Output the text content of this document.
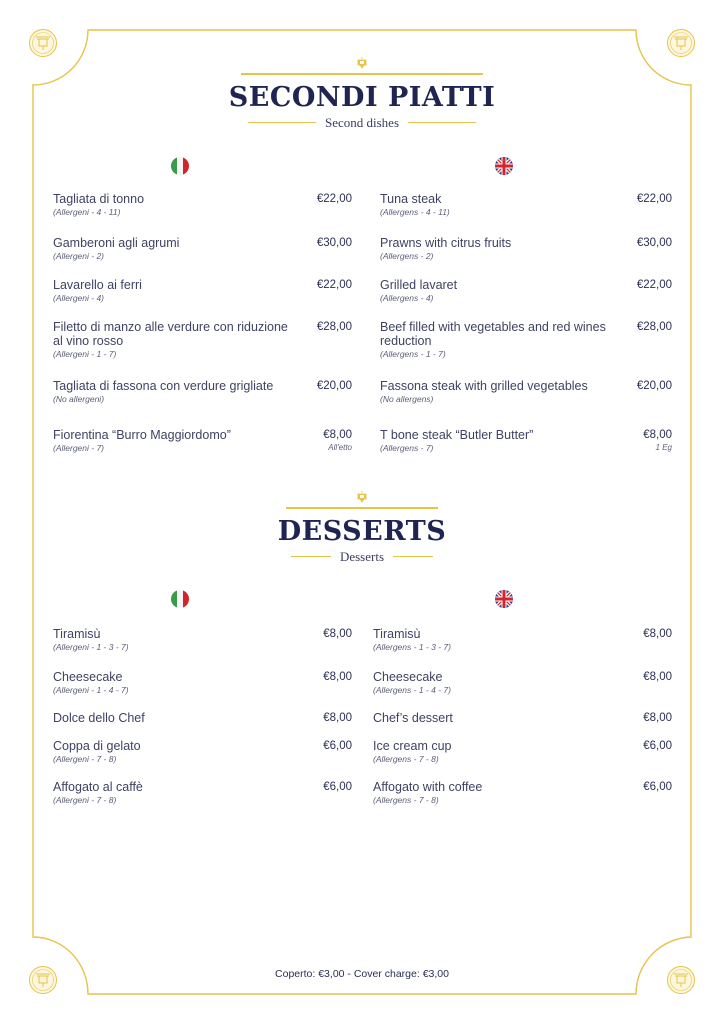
SECONDI PIATTI
Second dishes
Tagliata di tonno
(Allergeni - 4 - 11)
€22,00
Gamberoni agli agrumi
(Allergeni - 2)
€30,00
Lavarello ai ferri
(Allergeni - 4)
€22,00
Filetto di manzo alle verdure con riduzione al vino rosso
(Allergeni - 1 - 7)
€28,00
Tagliata di fassona con verdure grigliate
(No allergeni)
€20,00
Fiorentina “Burro Maggiordomo”
(Allergeni - 7)
€8,00
All'etto
Tuna steak
(Allergens - 4 - 11)
€22,00
Prawns with citrus fruits
(Allergens - 2)
€30,00
Grilled lavaret
(Allergens - 4)
€22,00
Beef filled with vegetables and red wines reduction
(Allergens - 1 - 7)
€28,00
Fassona steak with grilled vegetables
(No allergens)
€20,00
T bone steak “Butler Butter”
(Allergens - 7)
€8,00
1 Eg
DESSERTS
Desserts
Tiramisù
(Allergeni - 1 - 3 - 7)
€8,00
Cheesecake
(Allergeni - 1 - 4 - 7)
€8,00
Dolce dello Chef	€8,00
Coppa di gelato
(Allergeni - 7 - 8)
€6,00
Affogato al caffè
(Allergeni - 7 - 8)
€6,00
Tiramisù
(Allergens - 1 - 3 - 7)
€8,00
Cheesecake
(Allergens - 1 - 4 - 7)
€8,00
Chef’s dessert	€8,00
Ice cream cup
(Allergens - 7 - 8)
€6,00
Affogato with coffee
(Allergens - 7 - 8)
€6,00
Coperto: €3,00 - Cover charge: €3,00
